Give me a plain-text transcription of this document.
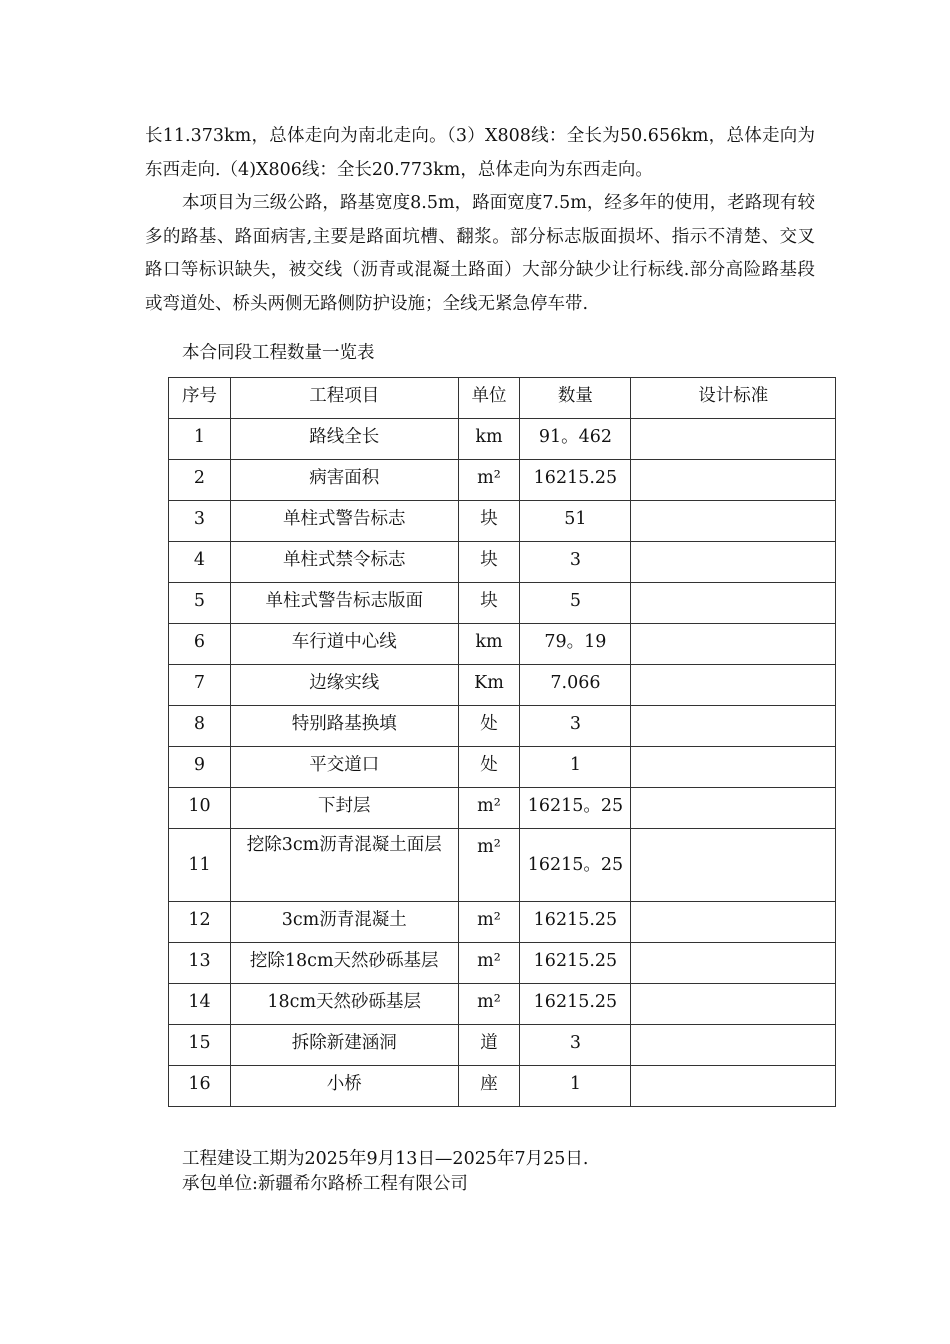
长11.373km，总体走向为南北走向。（3）X808线：全长为50.656km，总体走向为东西走向.（4)X806线：全长20.773km，总体走向为东西走向。

本项目为三级公路，路基宽度8.5m，路面宽度7.5m，经多年的使用，老路现有较多的路基、路面病害,主要是路面坑槽、翻浆。部分标志版面损坏、指示不清楚、交叉路口等标识缺失，被交线（沥青或混凝土路面）大部分缺少让行标线.部分高险路基段或弯道处、桥头两侧无路侧防护设施；全线无紧急停车带.

本合同段工程数量一览表
序号	工程项目	单位	数量	设计标准
1	路线全长	km	91。462	
2	病害面积	m²	16215.25	
3	单柱式警告标志	块	51	
4	单柱式禁令标志	块	3	
5	单柱式警告标志版面	块	5	
6	车行道中心线	km	79。19	
7	边缘实线	Km	7.066	
8	特别路基换填	处	3	
9	平交道口	处	1	
10	下封层	m²	16215。25	
11	挖除3cm沥青混凝土面层	m²	16215。25	
12	3cm沥青混凝土	m²	16215.25	
13	挖除18cm天然砂砾基层	m²	16215.25	
14	18cm天然砂砾基层	m²	16215.25	
15	拆除新建涵洞	道	3	
16	小桥	座	1	

工程建设工期为2025年9月13日—2025年7月25日.

承包单位:新疆希尔路桥工程有限公司
